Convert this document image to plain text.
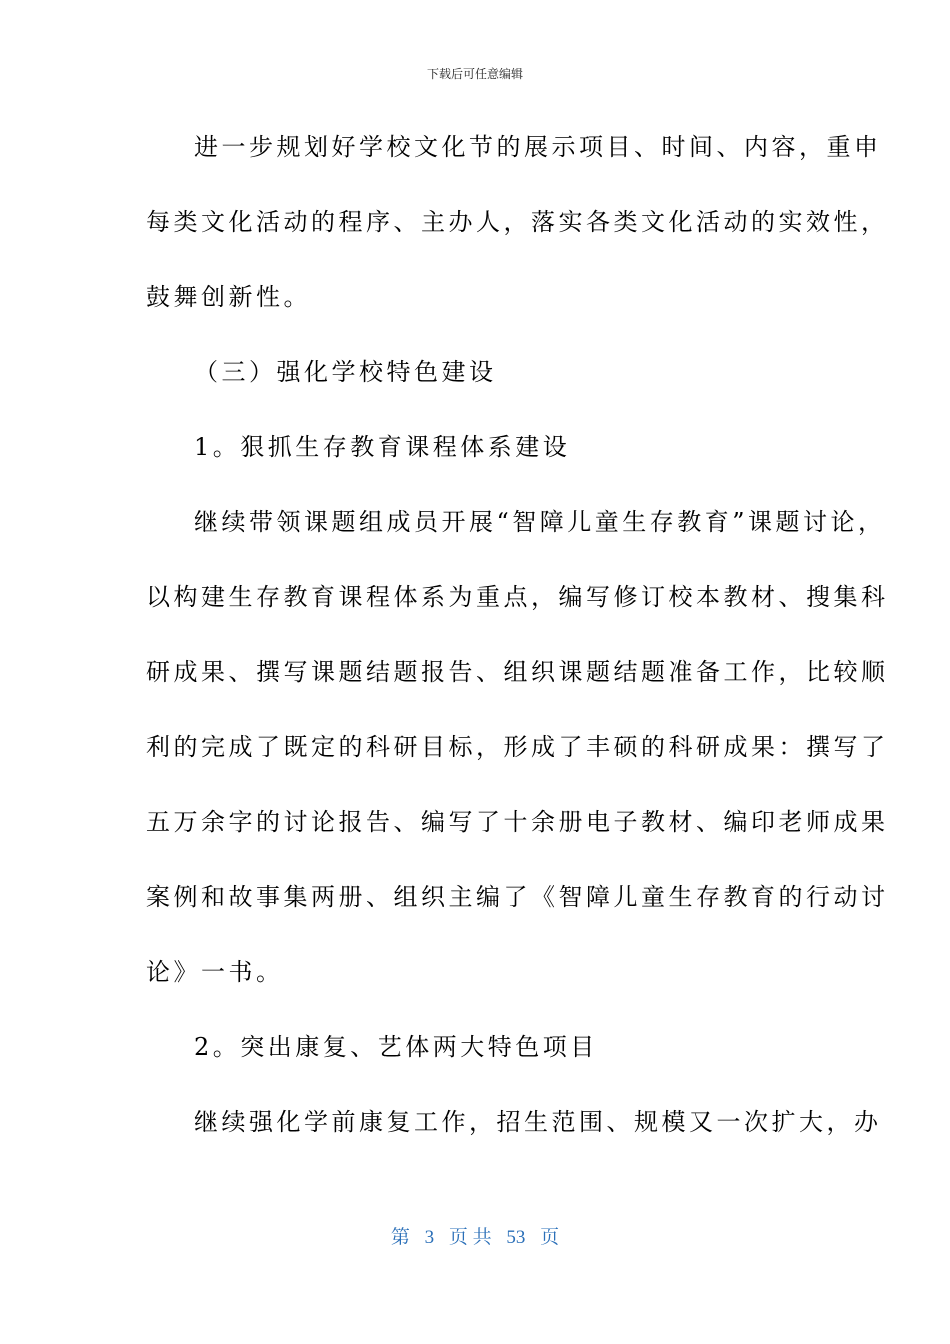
下载后可任意编辑
进一步规划好学校文化节的展示项目、时间、内容，重申
每类文化活动的程序、主办人，落实各类文化活动的实效性，
鼓舞创新性。
（三）强化学校特色建设
1。狠抓生存教育课程体系建设
继续带领课题组成员开展“智障儿童生存教育”课题讨论，
以构建生存教育课程体系为重点，编写修订校本教材、搜集科
研成果、撰写课题结题报告、组织课题结题准备工作，比较顺
利的完成了既定的科研目标，形成了丰硕的科研成果：撰写了
五万余字的讨论报告、编写了十余册电子教材、编印老师成果
案例和故事集两册、组织主编了《智障儿童生存教育的行动讨
论》一书。
2。突出康复、艺体两大特色项目
继续强化学前康复工作，招生范围、规模又一次扩大，办
第 3 页 共 53 页
